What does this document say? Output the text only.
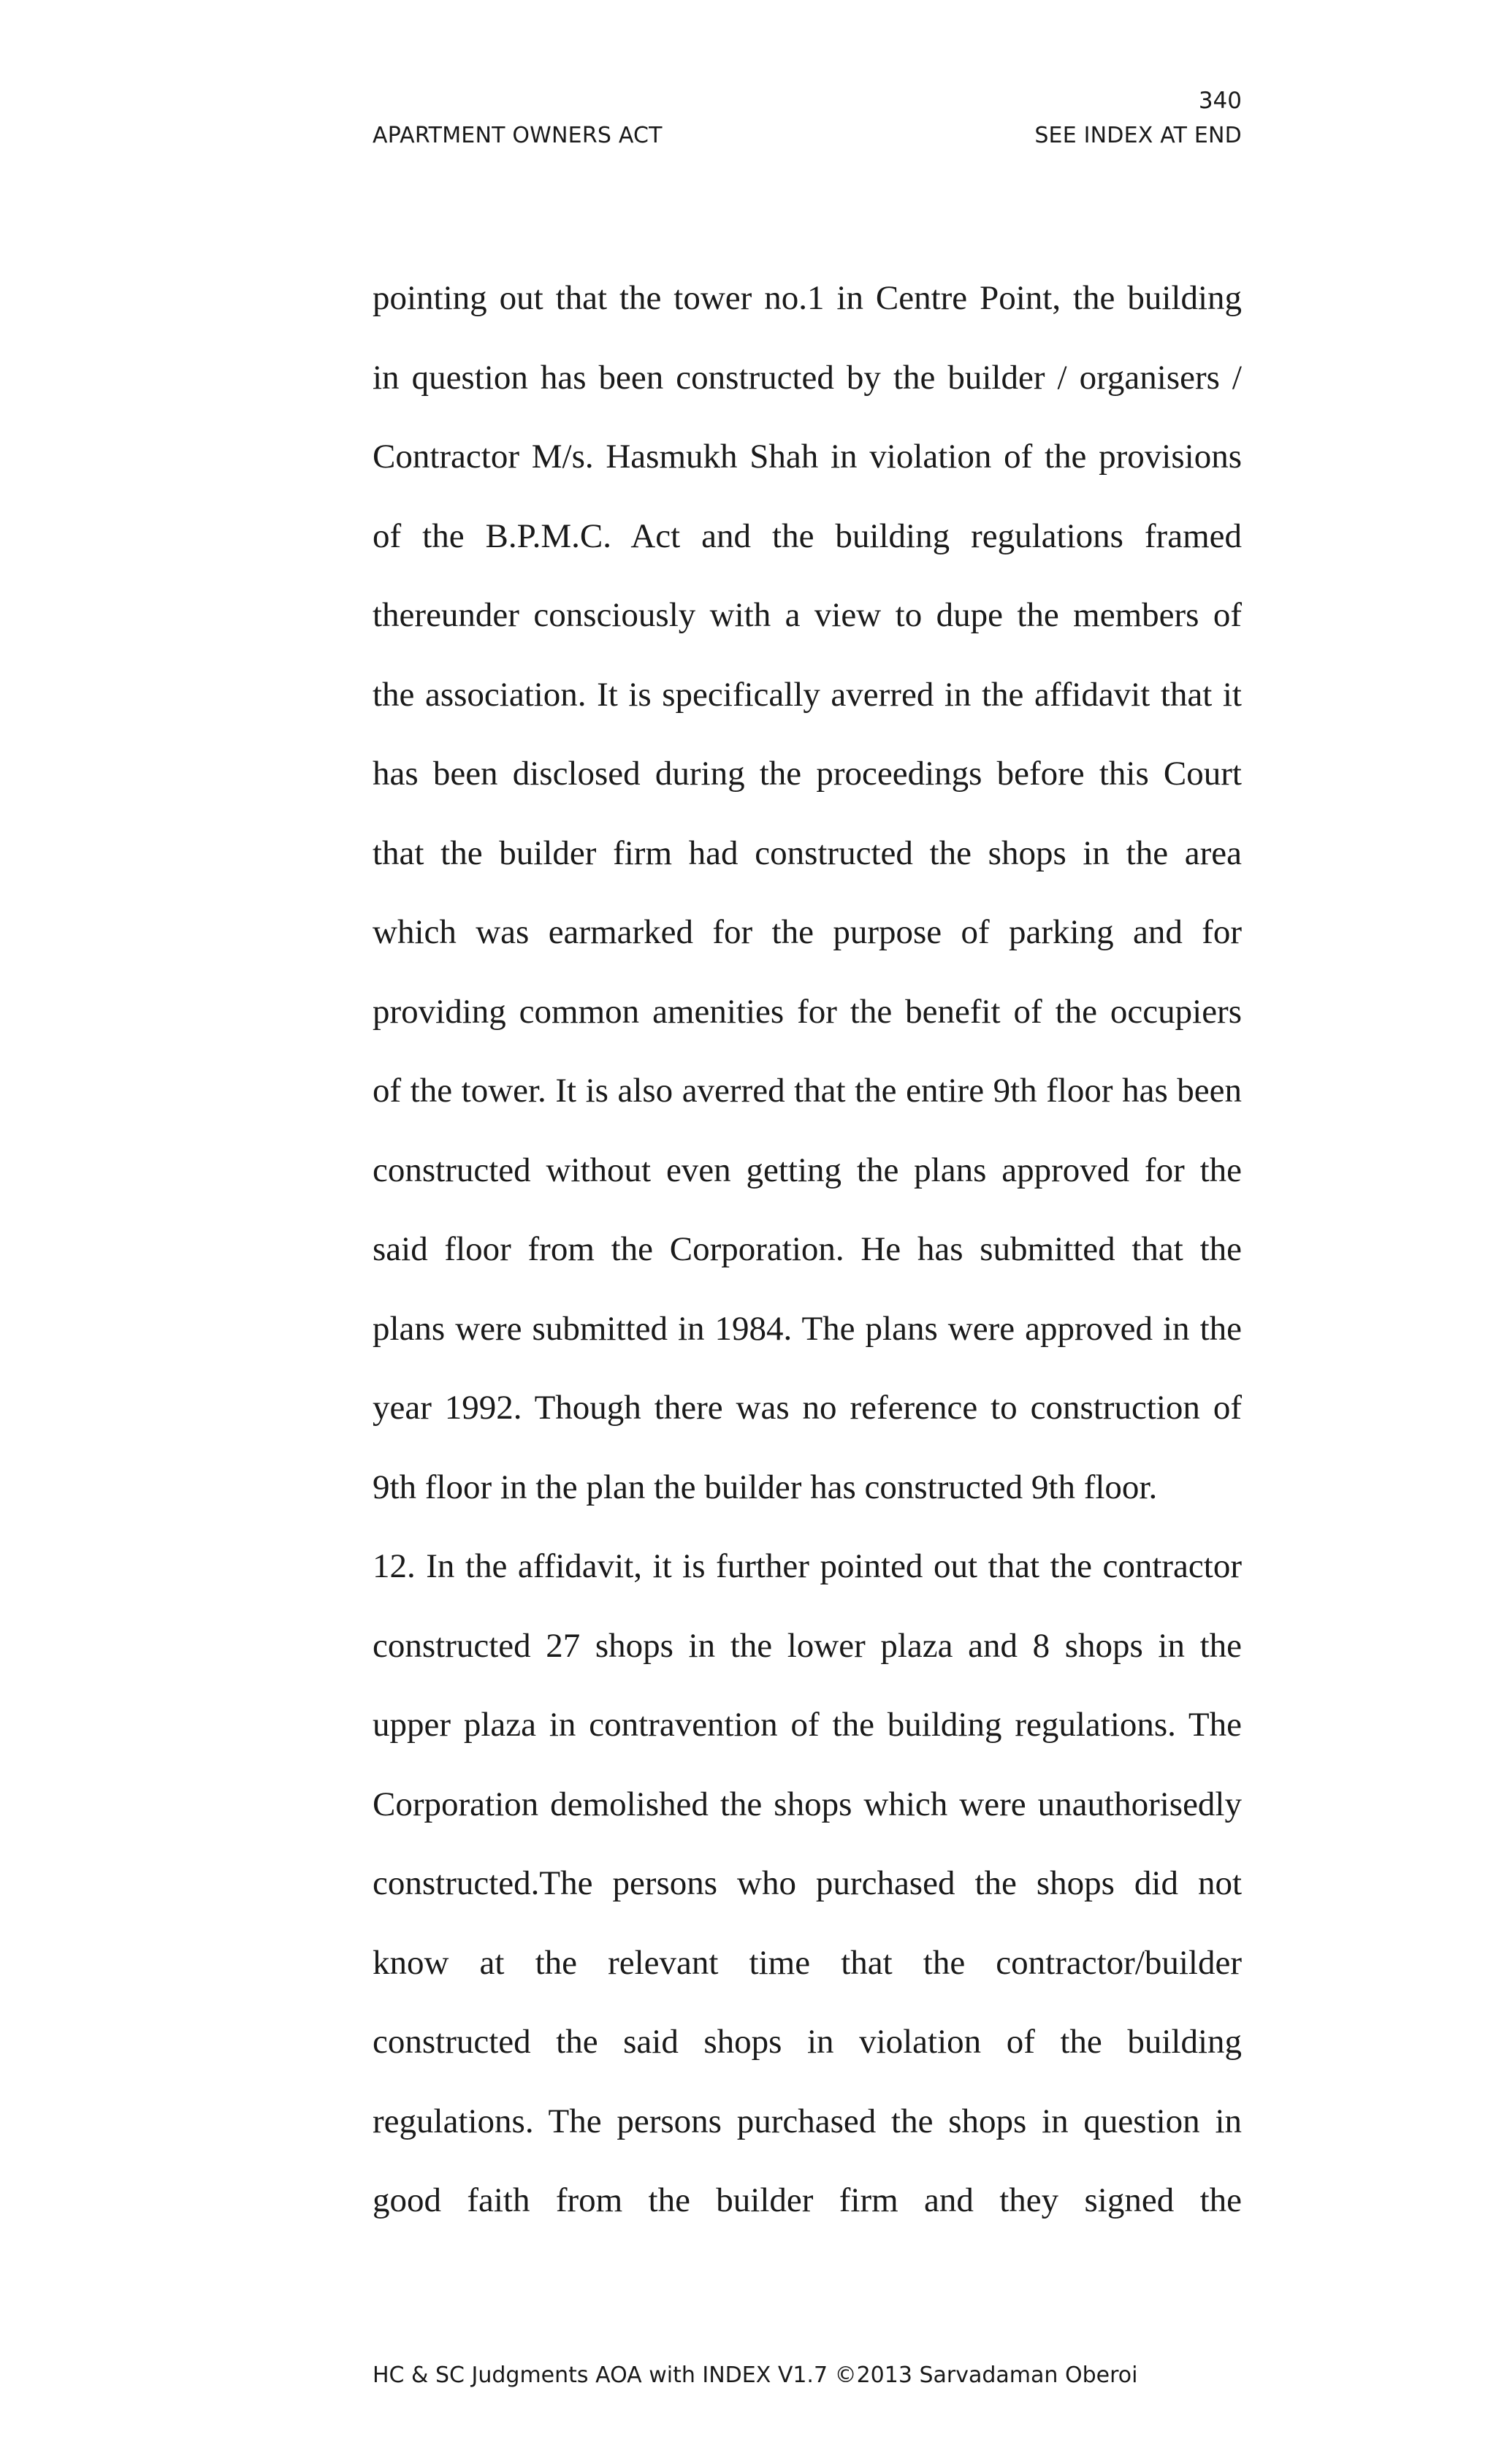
340
APARTMENT OWNERS ACT	SEE INDEX AT END
pointing out that the tower no.1 in Centre Point, the building
in question has been constructed by the builder / organisers /
Contractor M/s. Hasmukh Shah in violation of the provisions
of the B.P.M.C. Act and the building regulations framed
thereunder consciously with a view to dupe the members of
the association. It is specifically averred in the affidavit that it
has been disclosed during the proceedings before this Court
that the builder firm had constructed the shops in the area
which was earmarked for the purpose of parking and for
providing common amenities for the benefit of the occupiers
of the tower. It is also averred that the entire 9th floor has been
constructed without even getting the plans approved for the
said floor from the Corporation. He has submitted that the
plans were submitted in 1984. The plans were approved in the
year 1992. Though there was no reference to construction of
9th floor in the plan the builder has constructed 9th floor.
12. In the affidavit, it is further pointed out that the contractor
constructed 27 shops in the lower plaza and 8 shops in the
upper plaza in contravention of the building regulations. The
Corporation demolished the shops which were unauthorisedly
constructed.The persons who purchased the shops did not
know at the relevant time that the contractor/builder
constructed the said shops in violation of the building
regulations. The persons purchased the shops in question in
good faith from the builder firm and they signed the
HC & SC Judgments AOA with INDEX V1.7 ©2013 Sarvadaman Oberoi
